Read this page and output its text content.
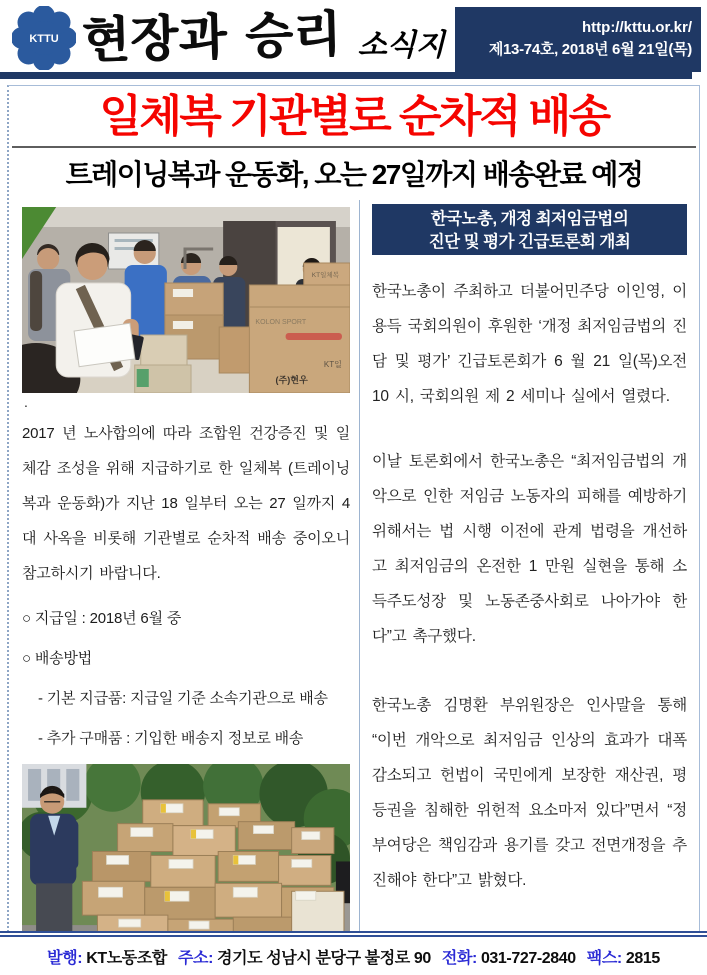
KTTU 현장과 승리 소식지
http://kttu.or.kr/
제13-74호, 2018년 6월 21일(목)
일체복 기관별로 순차적 배송
트레이닝복과 운동화, 오는 27일까지 배송완료 예정
KOLON SPORT
KT일체복
KT일
(주)현우
.

2017 년 노사합의에 따라 조합원 건강증진 및 일체감 조성을 위해 지급하기로 한 일체복 (트레이닝복과 운동화)가 지난 18 일부터 오는 27 일까지 4 대 사옥을 비롯해 기관별로 순차적 배송 중이오니 참고하시기 바랍니다.

○ 지급일 : 2018년 6월 중
○ 배송방법
- 기본 지급품: 지급일 기준 소속기관으로 배송
- 추가 구매품 : 기입한 배송지 정보로 배송
한국노총, 개정 최저임금법의
진단 및 평가 긴급토론회 개최

한국노총이 주최하고 더불어민주당 이인영, 이용득 국회의원이 후원한 ‘개정 최저임금법의 진담 및 평가’ 긴급토론회가 6 월 21 일(목)오전 10 시, 국회의원 제 2 세미나 실에서 열렸다.

이날 토론회에서 한국노총은 “최저임금법의 개악으로 인한 저임금 노동자의 피해를 예방하기 위해서는 법 시행 이전에 관계 법령을 개선하고 최저임금의 온전한 1 만원 실현을 통해 소득주도성장 및 노동존중사회로 나아가야 한다”고 촉구했다.

한국노총 김명환 부위원장은 인사말을 통해 “이번 개악으로 최저임금 인상의 효과가 대폭 감소되고 헌법이 국민에게 보장한 재산권, 평등권을 침해한 위헌적 요소마저 있다”면서 “정부여당은 책임감과 용기를 갖고 전면개정을 추진해야 한다”고 밝혔다.

발행: KT노동조합 주소: 경기도 성남시 분당구 불정로 90 전화: 031-727-2840 팩스: 2815
